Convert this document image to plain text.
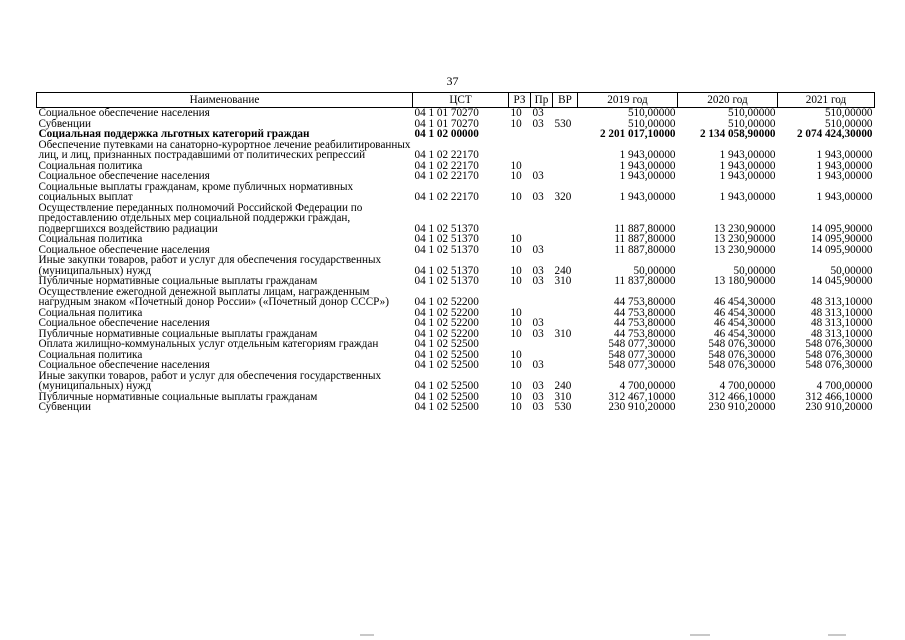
37
Наименование	ЦСТ	РЗ	Пр	ВР	2019 год	2020 год	2021 год
Социальное обеспечение населения	04 1 01 70270	10	03		510,00000	510,00000	510,00000
Субвенции	04 1 01 70270	10	03	530	510,00000	510,00000	510,00000
Социальная поддержка льготных категорий граждан	04 1 02 00000				2 201 017,10000	2 134 058,90000	2 074 424,30000
Обеспечение путевками на санаторно-курортное лечение реабилитированных лиц, и лиц, признанных пострадавшими от политических репрессий	04 1 02 22170				1 943,00000	1 943,00000	1 943,00000
Социальная политика	04 1 02 22170	10			1 943,00000	1 943,00000	1 943,00000
Социальное обеспечение населения	04 1 02 22170	10	03		1 943,00000	1 943,00000	1 943,00000
Социальные выплаты гражданам, кроме публичных нормативных социальных выплат	04 1 02 22170	10	03	320	1 943,00000	1 943,00000	1 943,00000
Осуществление переданных полномочий Российской Федерации по предоставлению отдельных мер социальной поддержки граждан, подвергшихся воздействию радиации	04 1 02 51370				11 887,80000	13 230,90000	14 095,90000
Социальная политика	04 1 02 51370	10			11 887,80000	13 230,90000	14 095,90000
Социальное обеспечение населения	04 1 02 51370	10	03		11 887,80000	13 230,90000	14 095,90000
Иные закупки товаров, работ и услуг для обеспечения государственных (муниципальных) нужд	04 1 02 51370	10	03	240	50,00000	50,00000	50,00000
Публичные нормативные социальные выплаты гражданам	04 1 02 51370	10	03	310	11 837,80000	13 180,90000	14 045,90000
Осуществление ежегодной денежной выплаты лицам, награжденным нагрудным знаком «Почетный донор России» («Почетный донор СССР»)	04 1 02 52200				44 753,80000	46 454,30000	48 313,10000
Социальная политика	04 1 02 52200	10			44 753,80000	46 454,30000	48 313,10000
Социальное обеспечение населения	04 1 02 52200	10	03		44 753,80000	46 454,30000	48 313,10000
Публичные нормативные социальные выплаты гражданам	04 1 02 52200	10	03	310	44 753,80000	46 454,30000	48 313,10000
Оплата жилищно-коммунальных услуг отдельным категориям граждан	04 1 02 52500				548 077,30000	548 076,30000	548 076,30000
Социальная политика	04 1 02 52500	10			548 077,30000	548 076,30000	548 076,30000
Социальное обеспечение населения	04 1 02 52500	10	03		548 077,30000	548 076,30000	548 076,30000
Иные закупки товаров, работ и услуг для обеспечения государственных (муниципальных) нужд	04 1 02 52500	10	03	240	4 700,00000	4 700,00000	4 700,00000
Публичные нормативные социальные выплаты гражданам	04 1 02 52500	10	03	310	312 467,10000	312 466,10000	312 466,10000
Субвенции	04 1 02 52500	10	03	530	230 910,20000	230 910,20000	230 910,20000
